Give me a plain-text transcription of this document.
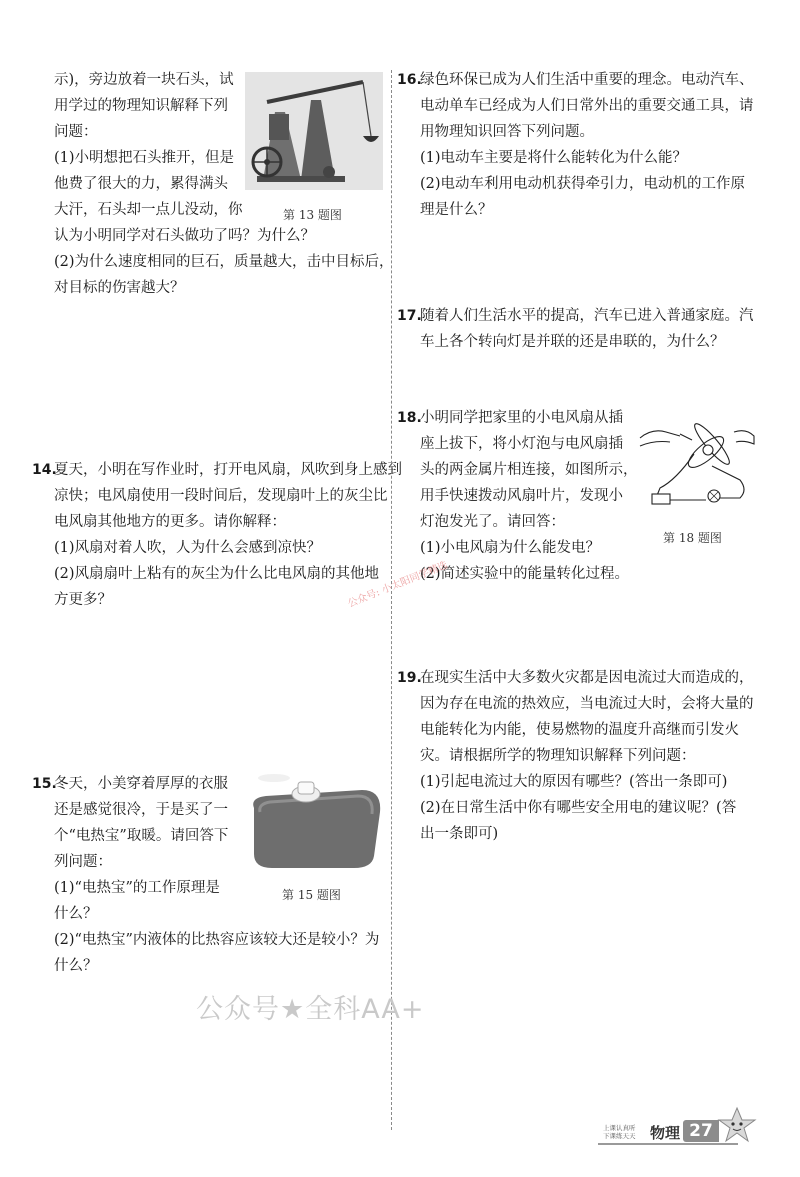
示)，旁边放着一块石头，试
用学过的物理知识解释下列
问题：
(1)小明想把石头推开，但是
他费了很大的力，累得满头
大汗，石头却一点儿没动，你
认为小明同学对石头做功了吗？为什么？
(2)为什么速度相同的巨石，质量越大，击中目标后，
对目标的伤害越大？
第 13 题图
14.
夏天，小明在写作业时，打开电风扇，风吹到身上感到
凉快；电风扇使用一段时间后，发现扇叶上的灰尘比
电风扇其他地方的更多。请你解释：
(1)风扇对着人吹，人为什么会感到凉快？
(2)风扇扇叶上粘有的灰尘为什么比电风扇的其他地
方更多？
15.
冬天，小美穿着厚厚的衣服
还是感觉很冷，于是买了一
个“电热宝”取暖。请回答下
列问题：
(1)“电热宝”的工作原理是
什么？
(2)“电热宝”内液体的比热容应该较大还是较小？为
什么？
第 15 题图
16.
绿色环保已成为人们生活中重要的理念。电动汽车、
电动单车已经成为人们日常外出的重要交通工具，请
用物理知识回答下列问题。
(1)电动车主要是将什么能转化为什么能？
(2)电动车利用电动机获得牵引力，电动机的工作原
理是什么？
17.
随着人们生活水平的提高，汽车已进入普通家庭。汽
车上各个转向灯是并联的还是串联的，为什么？
18.
小明同学把家里的小电风扇从插
座上拔下，将小灯泡与电风扇插
头的两金属片相连接，如图所示，
用手快速拨动风扇叶片，发现小
灯泡发光了。请回答：
(1)小电风扇为什么能发电？
(2)简述实验中的能量转化过程。
第 18 题图
19.
在现实生活中大多数火灾都是因电流过大而造成的，
因为存在电流的热效应，当电流过大时，会将大量的
电能转化为内能，使易燃物的温度升高继而引发火
灾。请根据所学的物理知识解释下列问题：
(1)引起电流过大的原因有哪些？(答出一条即可)
(2)在日常生活中你有哪些安全用电的建议呢？(答
出一条即可)
公众号: 小太阳同学精选
公众号★全科AA+
上课认真听
下课练天天 物理 27
